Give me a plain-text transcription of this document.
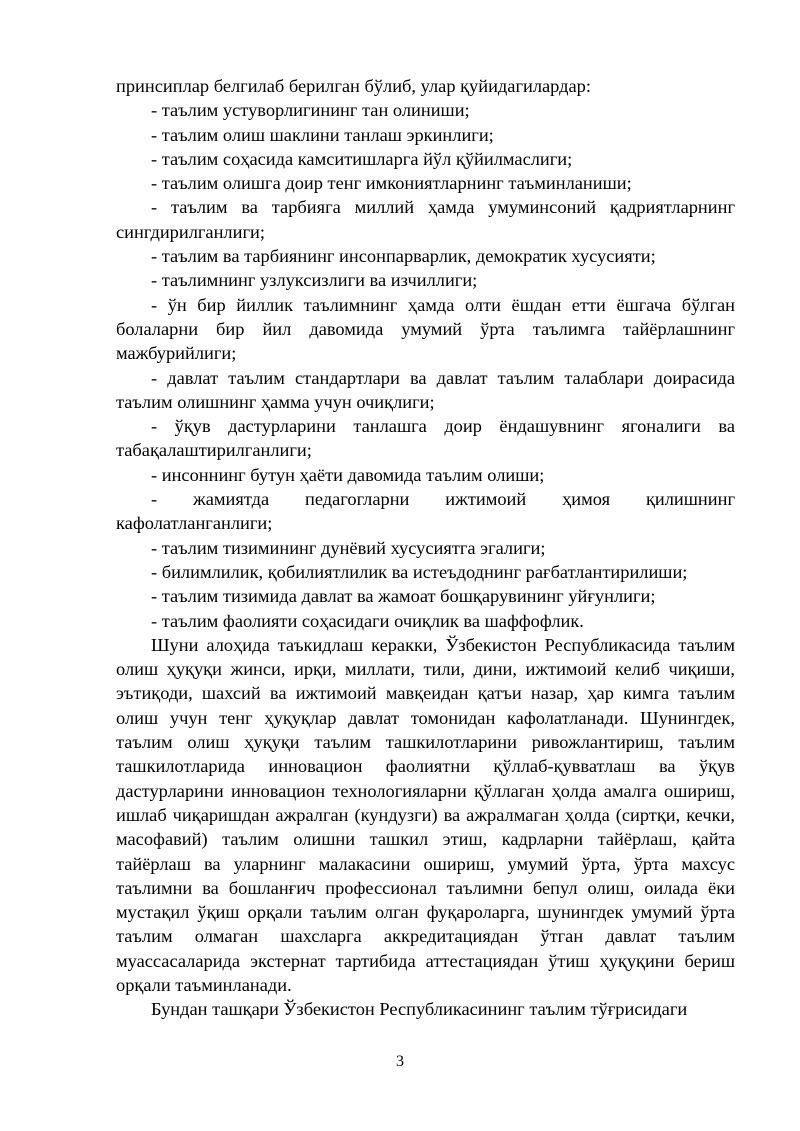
принсиплар белгилаб берилган бўлиб, улар қуйидагилардар:

- таълим устуворлигининг тан олиниши;

- таълим олиш шаклини танлаш эркинлиги;

- таълим соҳасида камситишларга йўл қўйилмаслиги;

- таълим олишга доир тенг имкониятларнинг таъминланиши;

- таълим ва тарбияга миллий ҳамда умуминсоний қадриятларнинг сингдирилганлиги;

- таълим ва тарбиянинг инсонпарварлик, демократик хусусияти;

- таълимнинг узлуксизлиги ва изчиллиги;

- ўн бир йиллик таълимнинг ҳамда олти ёшдан етти ёшгача бўлган болаларни бир йил давомида умумий ўрта таълимга тайёрлашнинг мажбурийлиги;

- давлат таълим стандартлари ва давлат таълим талаблари доирасида таълим олишнинг ҳамма учун очиқлиги;

- ўқув дастурларини танлашга доир ёндашувнинг ягоналиги ва табақалаштирилганлиги;

- инсоннинг бутун ҳаёти давомида таълим олиши;

- жамиятда педагогларни ижтимоий ҳимоя қилишнинг кафолатланганлиги;

- таълим тизимининг дунёвий хусусиятга эгалиги;

- билимлилик, қобилиятлилик ва истеъдоднинг рағбатлантирилиши;

- таълим тизимида давлат ва жамоат бошқарувининг уйғунлиги;

- таълим фаолияти соҳасидаги очиқлик ва шаффофлик.

Шуни алоҳида таъкидлаш керакки, Ўзбекистон Республикасида таълим олиш ҳуқуқи жинси, ирқи, миллати, тили, дини, ижтимоий келиб чиқиши, эътиқоди, шахсий ва ижтимоий мавқеидан қатъи назар, ҳар кимга таълим олиш учун тенг ҳуқуқлар давлат томонидан кафолатланади. Шунингдек, таълим олиш ҳуқуқи таълим ташкилотларини ривожлантириш, таълим ташкилотларида инновацион фаолиятни қўллаб-қувватлаш ва ўқув дастурларини инновацион технологияларни қўллаган ҳолда амалга ошириш, ишлаб чиқаришдан ажралган (кундузги) ва ажралмаган ҳолда (сиртқи, кечки, масофавий) таълим олишни ташкил этиш, кадрларни тайёрлаш, қайта тайёрлаш ва уларнинг малакасини ошириш, умумий ўрта, ўрта махсус таълимни ва бошланғич профессионал таълимни бепул олиш, оилада ёки мустақил ўқиш орқали таълим олган фуқароларга, шунингдек умумий ўрта таълим олмаган шахсларга аккредитациядан ўтган давлат таълим муассасаларида экстернат тартибида аттестациядан ўтиш ҳуқуқини бериш орқали таъминланади.

Бундан ташқари Ўзбекистон Республикасининг таълим тўғрисидаги

3
